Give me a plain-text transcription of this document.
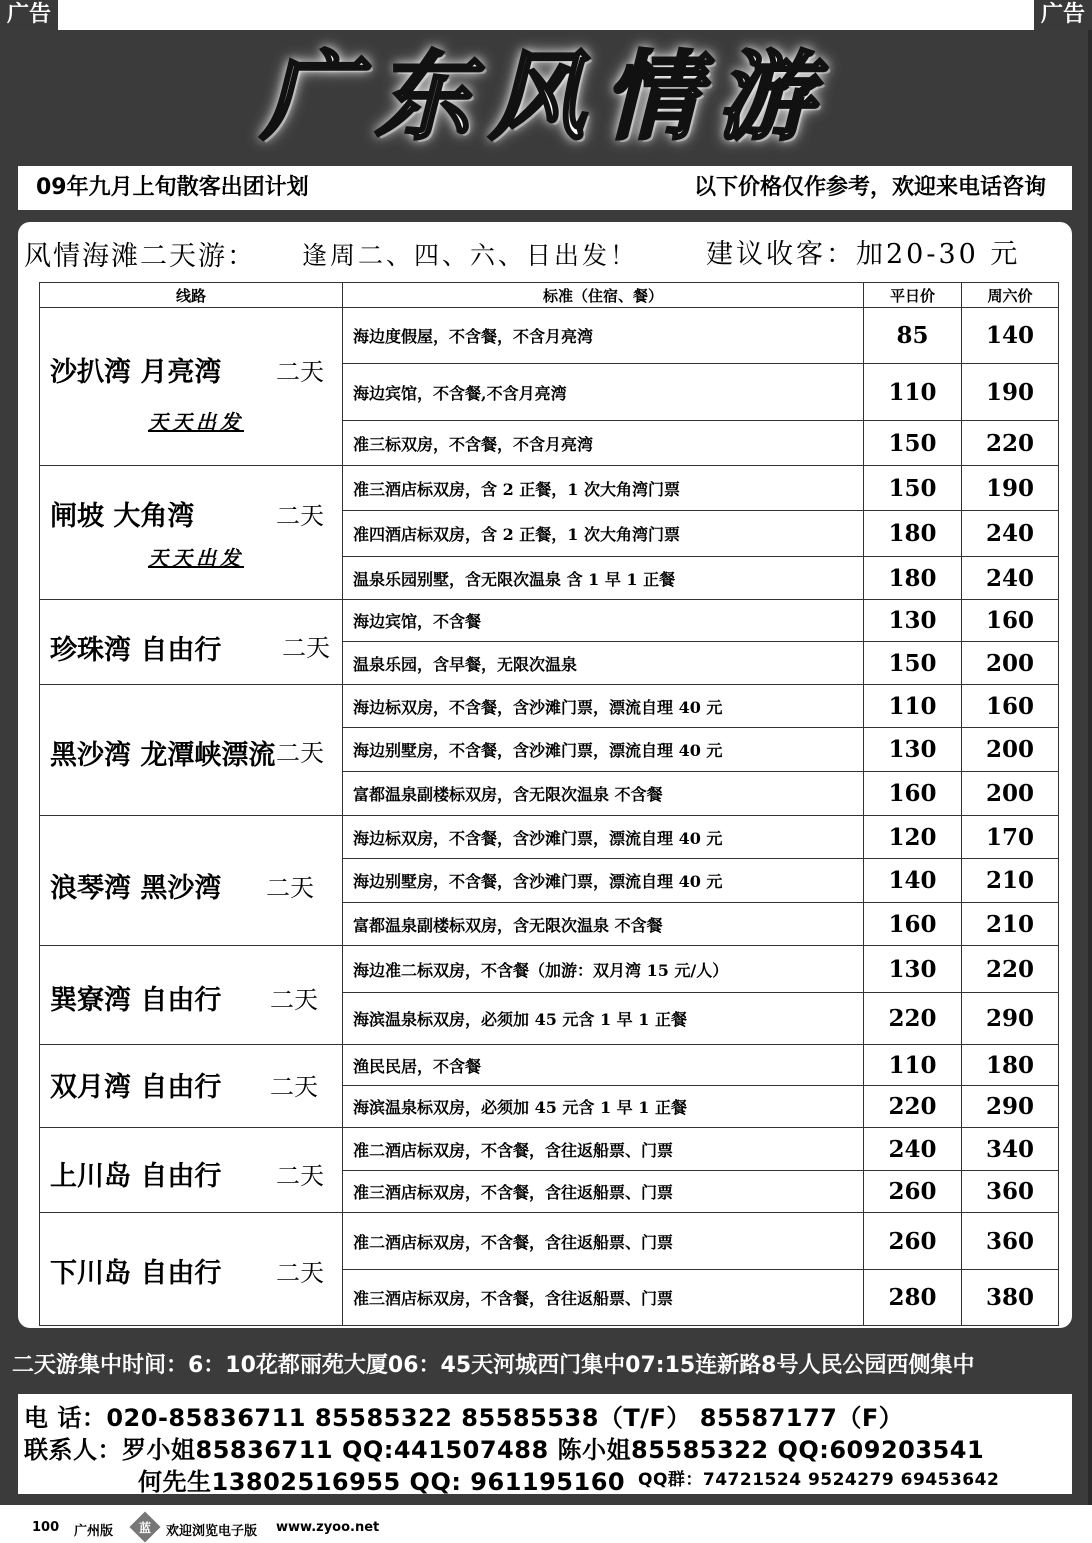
广告	广告
广东风情游
09年九月上旬散客出团计划	以下价格仅作参考，欢迎来电话咨询
风情海滩二天游： 逢周二、四、六、日出发！	建议收客：加20-30 元
线路	标准（住宿、餐）	平日价	周六价

沙扒湾 月亮湾 二天
天天出发	海边度假屋，不含餐，不含月亮湾	85	140
	海边宾馆，不含餐,不含月亮湾	110	190
	准三标双房，不含餐，不含月亮湾	150	220

闸坡 大角湾 二天
天天出发	准三酒店标双房，含 2 正餐，1 次大角湾门票	150	190
	准四酒店标双房，含 2 正餐，1 次大角湾门票	180	240
	温泉乐园别墅，含无限次温泉 含 1 早 1 正餐	180	240

珍珠湾 自由行 二天	海边宾馆，不含餐	130	160
	温泉乐园，含早餐，无限次温泉	150	200

黑沙湾 龙潭峡漂流 二天	海边标双房，不含餐，含沙滩门票，漂流自理 40 元	110	160
	海边别墅房，不含餐，含沙滩门票，漂流自理 40 元	130	200
	富都温泉副楼标双房，含无限次温泉 不含餐	160	200

浪琴湾 黑沙湾 二天	海边标双房，不含餐，含沙滩门票，漂流自理 40 元	120	170
	海边别墅房，不含餐，含沙滩门票，漂流自理 40 元	140	210
	富都温泉副楼标双房，含无限次温泉 不含餐	160	210

巽寮湾 自由行 二天	海边准二标双房，不含餐（加游：双月湾 15 元/人）	130	220
	海滨温泉标双房，必须加 45 元含 1 早 1 正餐	220	290

双月湾 自由行 二天	渔民民居，不含餐	110	180
	海滨温泉标双房，必须加 45 元含 1 早 1 正餐	220	290

上川岛 自由行 二天	准二酒店标双房，不含餐，含往返船票、门票	240	340
	准三酒店标双房，不含餐，含往返船票、门票	260	360

下川岛 自由行 二天	准二酒店标双房，不含餐，含往返船票、门票	260	360
	准三酒店标双房，不含餐，含往返船票、门票	280	380
二天游集中时间：6：10花都丽苑大厦06：45天河城西门集中07:15连新路8号人民公园西侧集中
电 话：020-85836711 85585322 85585538（T/F） 85587177（F）
联系人：罗小姐85836711 QQ:441507488 陈小姐85585322 QQ:609203541
何先生13802516955 QQ: 961195160 QQ群：74721524 9524279 69453642
100 广州版 蓝 欢迎浏览电子版 www.zyoo.net
